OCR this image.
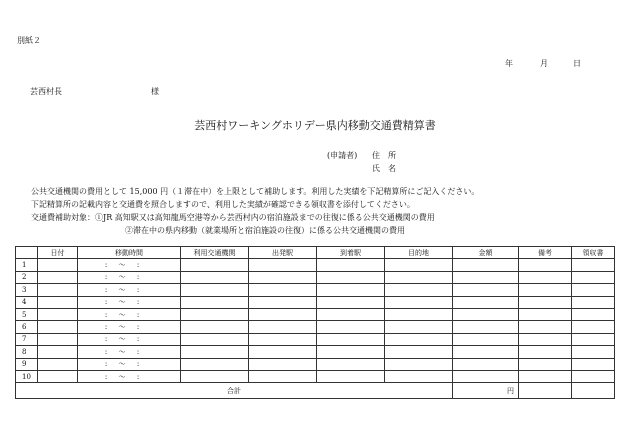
別紙２
年	月	日
芸西村長	様
芸西村ワーキングホリデー県内移動交通費精算書
(申請者) 住　所
氏　名
公共交通機関の費用として 15,000 円（１滞在中）を上限として補助します。利用した実績を下記精算所にご記入ください。
下記精算所の記載内容と交通費を照合しますので、利用した実績が確認できる領収書を添付してください。
交通費補助対象：①JR 高知駅又は高知龍馬空港等から芸西村内の宿泊施設までの往復に係る公共交通機関の費用
②滞在中の県内移動（就業場所と宿泊施設の往復）に係る公共交通機関の費用
	日付	移動時間	利用交通機関	出発駅	到着駅	目的地	金額	備考	領収書
1		: 〜 :							
2		: 〜 :							
3		: 〜 :							
4		: 〜 :							
5		: 〜 :							
6		: 〜 :							
7		: 〜 :							
8		: 〜 :							
9		: 〜 :							
10		: 〜 :							
合計							円		
